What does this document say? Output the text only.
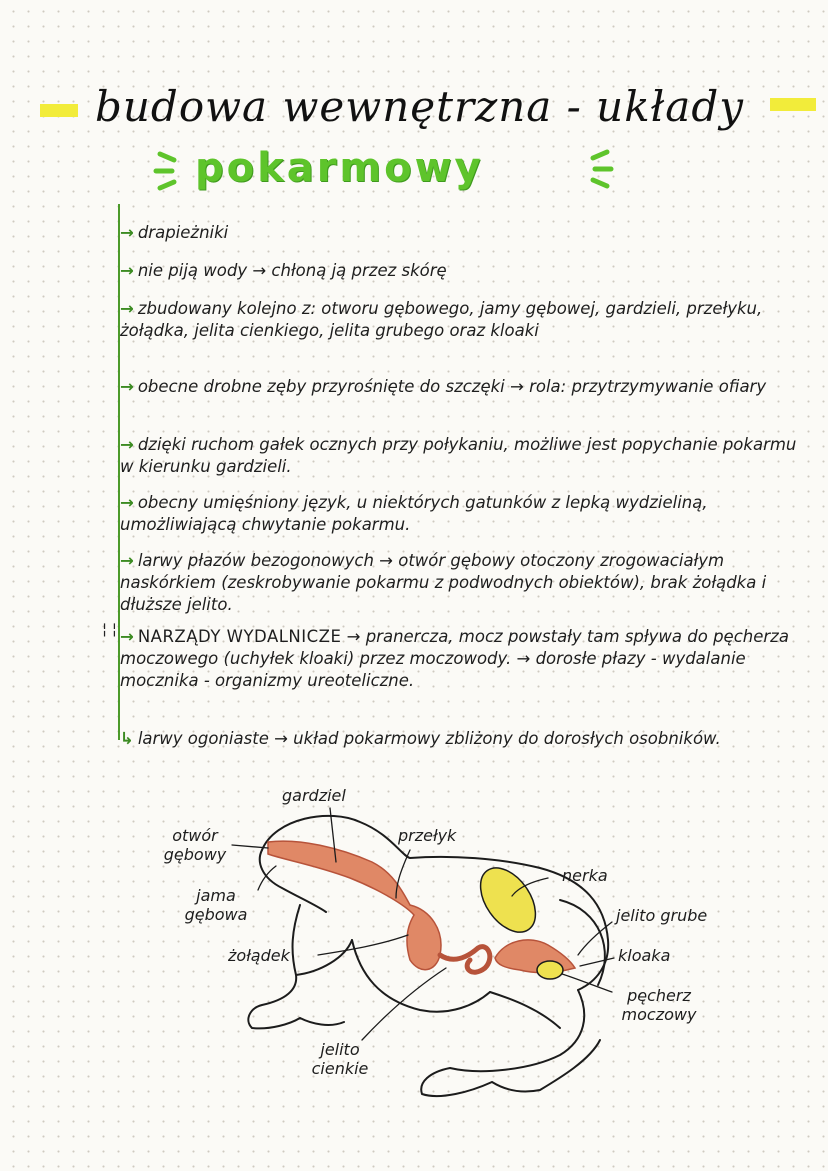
budowa wewnętrzna - układy
pokarmowy
¦ ¦
→ drapieżniki
→ nie piją wody → chłoną ją przez skórę
→ zbudowany kolejno z: otworu gębowego, jamy gębowej, gardzieli, przełyku, żołądka, jelita cienkiego, jelita grubego oraz kloaki
→ obecne drobne zęby przyrośnięte do szczęki → rola: przytrzymywanie ofiary
→ dzięki ruchom gałek ocznych przy połykaniu, możliwe jest popychanie pokarmu w kierunku gardzieli.
→ obecny umięśniony język, u niektórych gatunków z lepką wydzieliną, umożliwiającą chwytanie pokarmu.
→ larwy płazów bezogonowych → otwór gębowy otoczony zrogowaciałym naskórkiem (zeskrobywanie pokarmu z podwodnych obiektów), brak żołądka i dłuższe jelito.
→ NARZĄDY WYDALNICZE → pranercza, mocz powstały tam spływa do pęcherza moczowego (uchyłek kloaki) przez moczowody. → dorosłe płazy - wydalanie mocznika - organizmy ureoteliczne.
↳ larwy ogoniaste → układ pokarmowy zbliżony do dorosłych osobników.
gardziel
otwór gębowy
jama gębowa
żołądek
jelito cienkie
przełyk
nerka
jelito grube
kloaka
pęcherz moczowy
